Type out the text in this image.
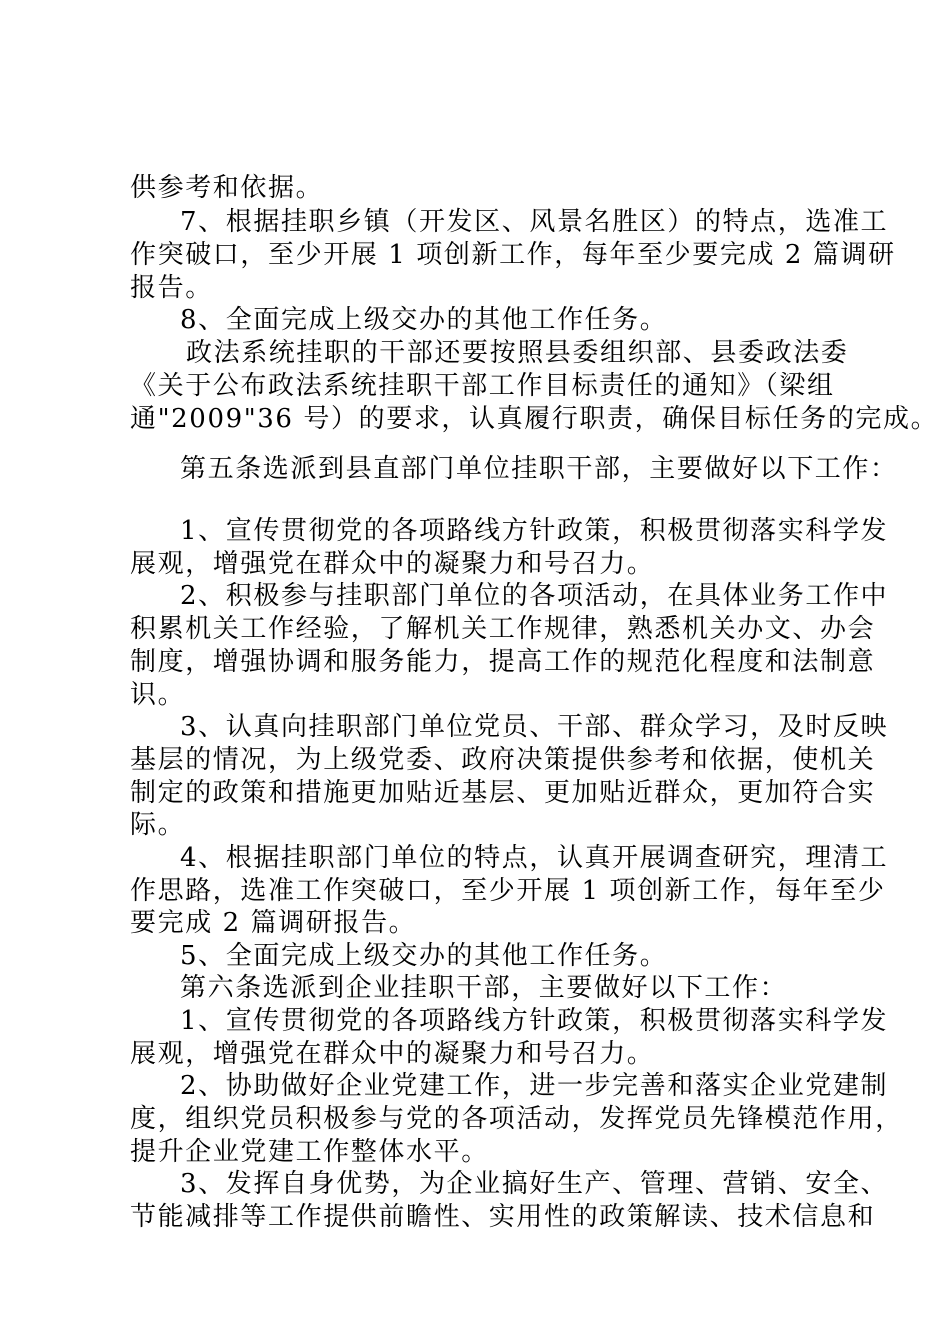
供参考和依据。
7、根据挂职乡镇（开发区、风景名胜区）的特点，选准工
作突破口，至少开展 1 项创新工作，每年至少要完成 2 篇调研
报告。
8、全面完成上级交办的其他工作任务。
政法系统挂职的干部还要按照县委组织部、县委政法委
《关于公布政法系统挂职干部工作目标责任的通知》（梁组
通"2009"36 号）的要求，认真履行职责，确保目标任务的完成。
第五条选派到县直部门单位挂职干部，主要做好以下工作：
1、宣传贯彻党的各项路线方针政策，积极贯彻落实科学发
展观，增强党在群众中的凝聚力和号召力。
2、积极参与挂职部门单位的各项活动，在具体业务工作中
积累机关工作经验，了解机关工作规律，熟悉机关办文、办会
制度，增强协调和服务能力，提高工作的规范化程度和法制意
识。
3、认真向挂职部门单位党员、干部、群众学习，及时反映
基层的情况，为上级党委、政府决策提供参考和依据，使机关
制定的政策和措施更加贴近基层、更加贴近群众，更加符合实
际。
4、根据挂职部门单位的特点，认真开展调查研究，理清工
作思路，选准工作突破口，至少开展 1 项创新工作，每年至少
要完成 2 篇调研报告。
5、全面完成上级交办的其他工作任务。
第六条选派到企业挂职干部，主要做好以下工作：
1、宣传贯彻党的各项路线方针政策，积极贯彻落实科学发
展观，增强党在群众中的凝聚力和号召力。
2、协助做好企业党建工作，进一步完善和落实企业党建制
度，组织党员积极参与党的各项活动，发挥党员先锋模范作用，
提升企业党建工作整体水平。
3、发挥自身优势，为企业搞好生产、管理、营销、安全、
节能减排等工作提供前瞻性、实用性的政策解读、技术信息和
